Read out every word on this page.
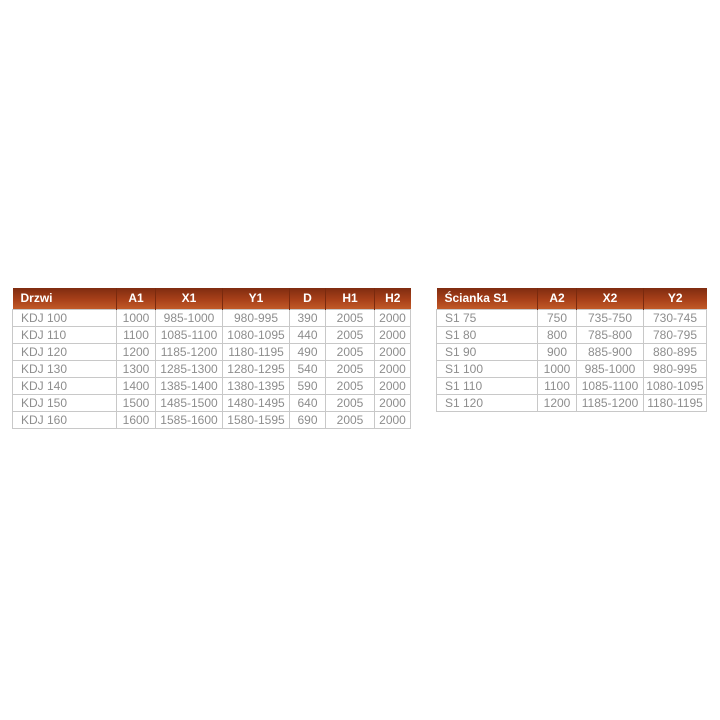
Drzwi	A1	X1	Y1	D	H1	H2
KDJ 100	1000	985-1000	980-995	390	2005	2000
KDJ 110	1100	1085-1100	1080-1095	440	2005	2000
KDJ 120	1200	1185-1200	1180-1195	490	2005	2000
KDJ 130	1300	1285-1300	1280-1295	540	2005	2000
KDJ 140	1400	1385-1400	1380-1395	590	2005	2000
KDJ 150	1500	1485-1500	1480-1495	640	2005	2000
KDJ 160	1600	1585-1600	1580-1595	690	2005	2000
Ścianka S1	A2	X2	Y2
S1 75	750	735-750	730-745
S1 80	800	785-800	780-795
S1 90	900	885-900	880-895
S1 100	1000	985-1000	980-995
S1 110	1100	1085-1100	1080-1095
S1 120	1200	1185-1200	1180-1195
